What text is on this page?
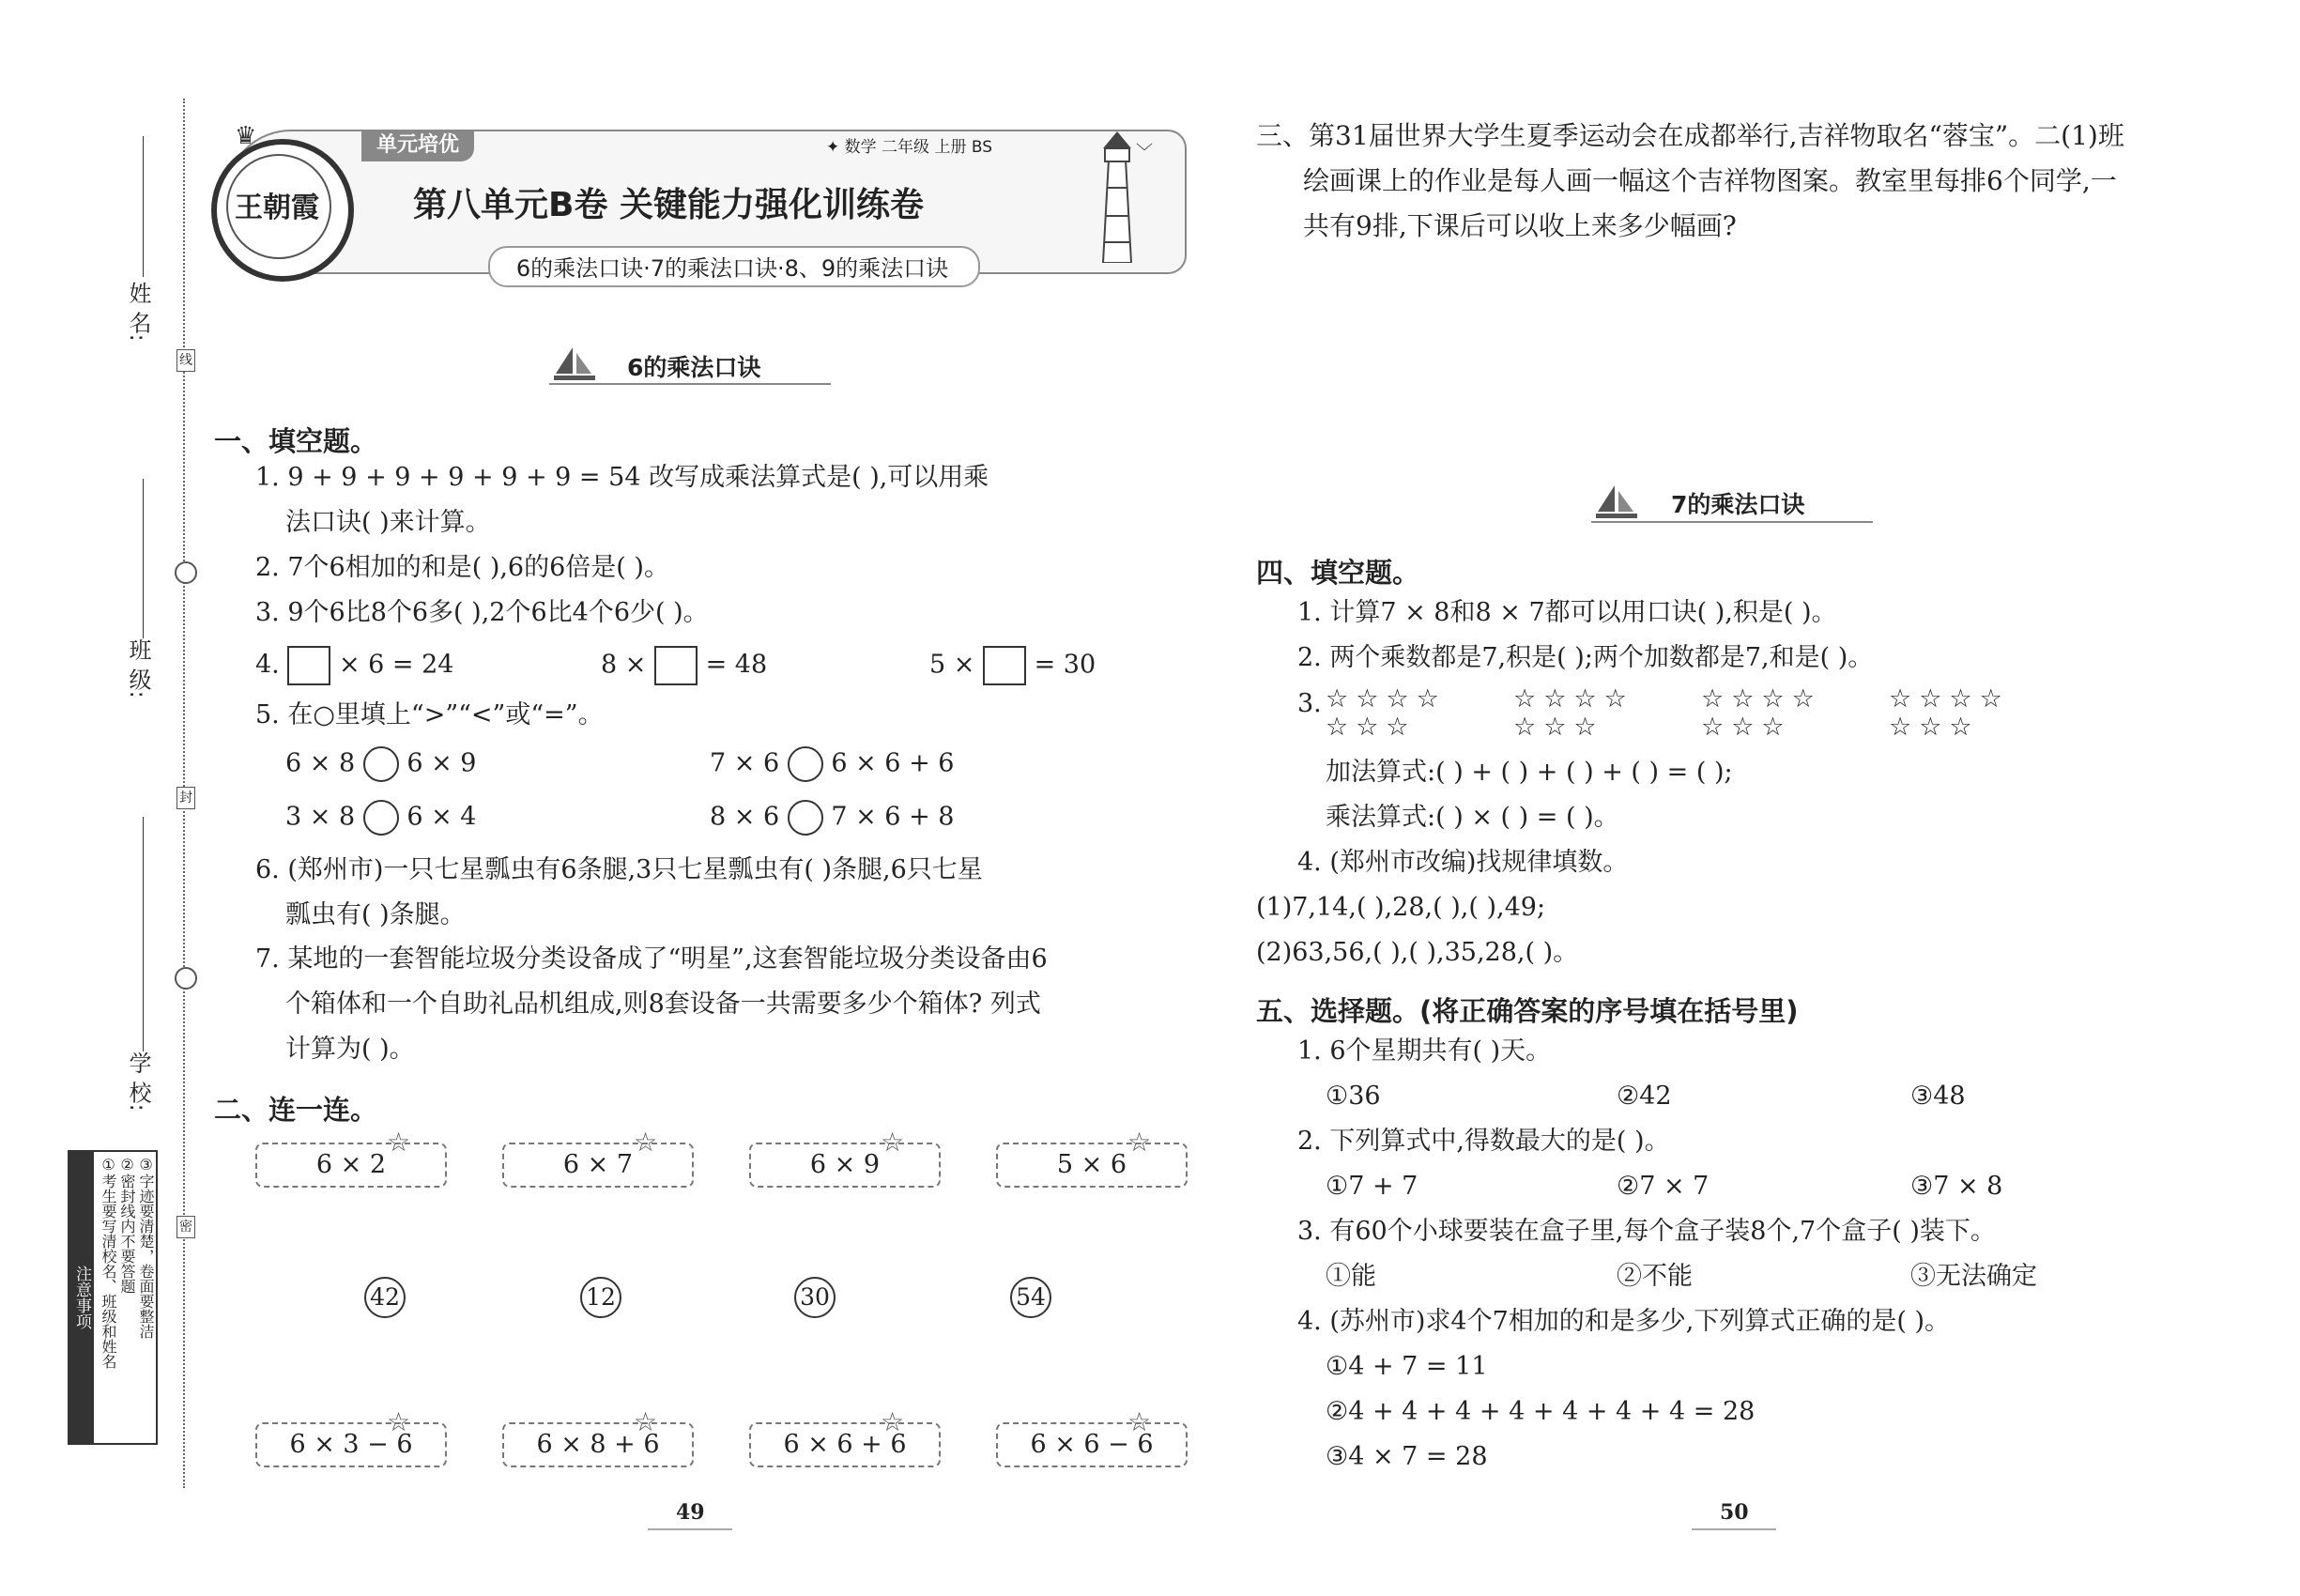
姓 名:
班 级:
学 校:
线
封
密
注意事项 ①考生要写清校名、班级和姓名 ②密封线内不要答题 ③字迹要清楚，卷面要整洁
王朝霞
♛	单元培优	✦ 数学 二年级 上册 BS
第八单元B卷 关键能力强化训练卷
6的乘法口诀·7的乘法口诀·8、9的乘法口诀
﹀
6的乘法口诀
一、填空题。
1. 9 + 9 + 9 + 9 + 9 + 9 = 54 改写成乘法算式是( ),可以用乘
法口诀( )来计算。
2. 7个6相加的和是( ),6的6倍是( )。
3. 9个6比8个6多( ),2个6比4个6少( )。
4. × 6 = 24	8 × = 48	5 × = 30
5. 在○里填上“>”“<”或“=”。
6 × 8 6 × 9	7 × 6 6 × 6 + 6
3 × 8 6 × 4	8 × 6 7 × 6 + 8
6. (郑州市)一只七星瓢虫有6条腿,3只七星瓢虫有( )条腿,6只七星
瓢虫有( )条腿。
7. 某地的一套智能垃圾分类设备成了“明星”,这套智能垃圾分类设备由6
个箱体和一个自助礼品机组成,则8套设备一共需要多少个箱体? 列式
计算为( )。
二、连一连。
6 × 2
☆
6 × 7
☆
6 × 9
☆
5 × 6
☆
42	12	30	54
6 × 3 − 6
☆
6 × 8 + 6
☆
6 × 6 + 6
☆
6 × 6 − 6
☆
49
三、第31届世界大学生夏季运动会在成都举行,吉祥物取名“蓉宝”。二(1)班
绘画课上的作业是每人画一幅这个吉祥物图案。教室里每排6个同学,一
共有9排,下课后可以收上来多少幅画?
7的乘法口诀
四、填空题。
1. 计算7 × 8和8 × 7都可以用口诀( ),积是( )。
2. 两个乘数都是7,积是( );两个加数都是7,和是( )。
3. ☆☆☆☆
☆☆☆
☆☆☆☆
☆☆☆
☆☆☆☆
☆☆☆
☆☆☆☆
☆☆☆
加法算式:( ) + ( ) + ( ) + ( ) = ( );
乘法算式:( ) × ( ) = ( )。
4. (郑州市改编)找规律填数。
(1)7,14,( ),28,( ),( ),49;
(2)63,56,( ),( ),35,28,( )。
五、选择题。(将正确答案的序号填在括号里)
1. 6个星期共有( )天。
①36	②42	③48
2. 下列算式中,得数最大的是( )。
①7 + 7	②7 × 7	③7 × 8
3. 有60个小球要装在盒子里,每个盒子装8个,7个盒子( )装下。
①能	②不能	③无法确定
4. (苏州市)求4个7相加的和是多少,下列算式正确的是( )。
①4 + 7 = 11
②4 + 4 + 4 + 4 + 4 + 4 + 4 = 28
③4 × 7 = 28
50
